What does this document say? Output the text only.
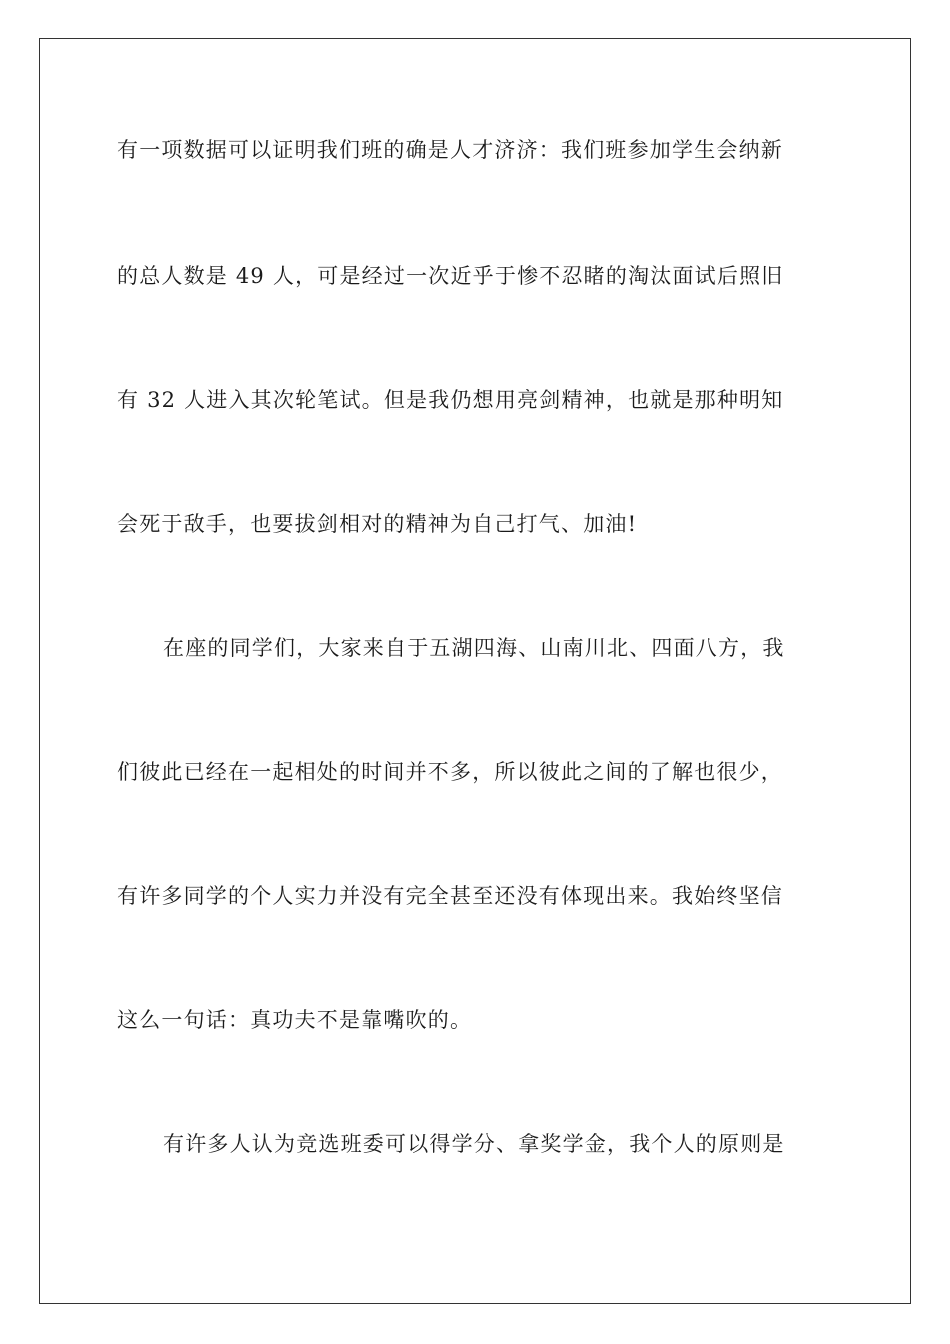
有一项数据可以证明我们班的确是人才济济：我们班参加学生会纳新
的总人数是 49 人，可是经过一次近乎于惨不忍睹的淘汰面试后照旧
有 32 人进入其次轮笔试。但是我仍想用亮剑精神，也就是那种明知
会死于敌手，也要拔剑相对的精神为自己打气、加油!
在座的同学们，大家来自于五湖四海、山南川北、四面八方，我
们彼此已经在一起相处的时间并不多，所以彼此之间的了解也很少，
有许多同学的个人实力并没有完全甚至还没有体现出来。我始终坚信
这么一句话：真功夫不是靠嘴吹的。
有许多人认为竞选班委可以得学分、拿奖学金，我个人的原则是
